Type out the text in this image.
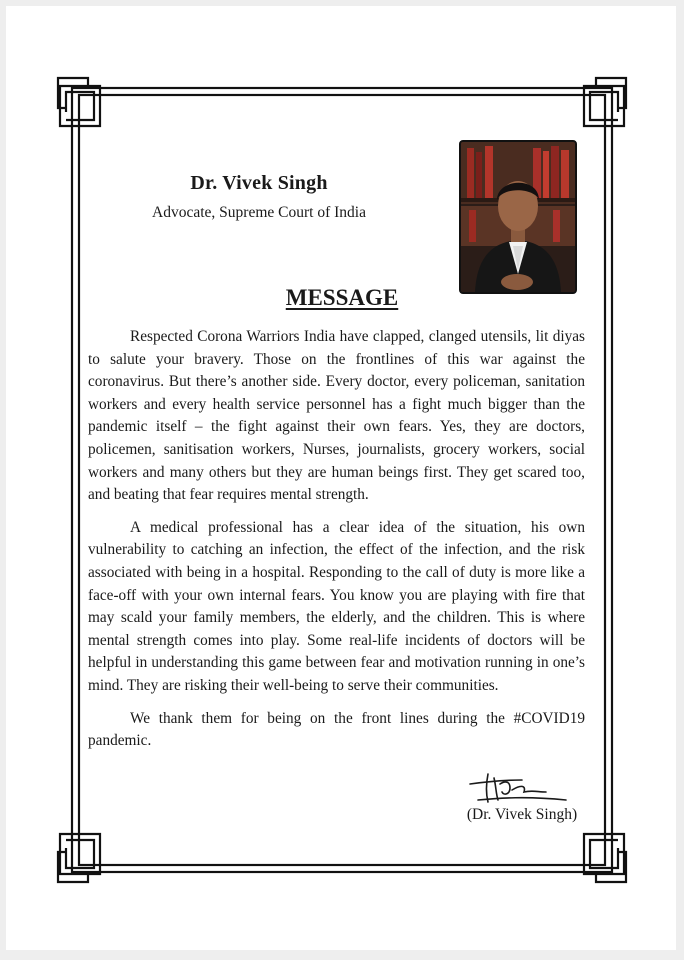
Dr. Vivek Singh
Advocate, Supreme Court of India
MESSAGE

Respected Corona Warriors India have clapped, clanged utensils, lit diyas to salute your bravery. Those on the frontlines of this war against the coronavirus. But there’s another side. Every doctor, every policeman, sanitation workers and every health service personnel has a fight much bigger than the pandemic itself – the fight against their own fears. Yes, they are doctors, policemen, sanitisation workers, Nurses, journalists, grocery workers, social workers and many others but they are human beings first. They get scared too, and beating that fear requires mental strength.

A medical professional has a clear idea of the situation, his own vulnerability to catching an infection, the effect of the infection, and the risk associated with being in a hospital. Responding to the call of duty is more like a face-off with your own internal fears. You know you are playing with fire that may scald your family members, the elderly, and the children. This is where mental strength comes into play. Some real-life incidents of doctors will be helpful in understanding this game between fear and motivation running in one’s mind. They are risking their well-being to serve their communities.

We thank them for being on the front lines during the #COVID19 pandemic.

(Dr. Vivek Singh)
